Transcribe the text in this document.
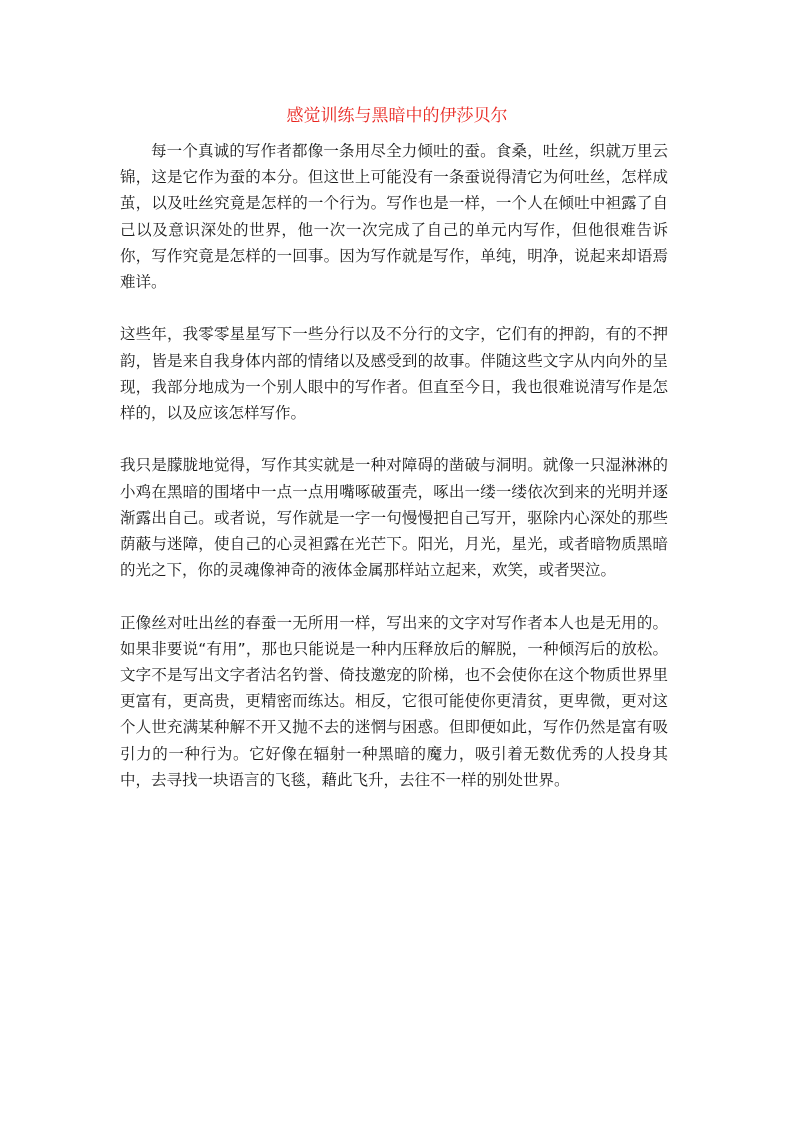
感觉训练与黑暗中的伊莎贝尔

每一个真诚的写作者都像一条用尽全力倾吐的蚕。食桑，吐丝，织就万里云锦，这是它作为蚕的本分。但这世上可能没有一条蚕说得清它为何吐丝，怎样成茧，以及吐丝究竟是怎样的一个行为。写作也是一样，一个人在倾吐中袒露了自己以及意识深处的世界，他一次一次完成了自己的单元内写作，但他很难告诉你，写作究竟是怎样的一回事。因为写作就是写作，单纯，明净，说起来却语焉难详。

这些年，我零零星星写下一些分行以及不分行的文字，它们有的押韵，有的不押韵，皆是来自我身体内部的情绪以及感受到的故事。伴随这些文字从内向外的呈现，我部分地成为一个别人眼中的写作者。但直至今日，我也很难说清写作是怎样的，以及应该怎样写作。

我只是朦胧地觉得，写作其实就是一种对障碍的凿破与洞明。就像一只湿淋淋的小鸡在黑暗的围堵中一点一点用嘴啄破蛋壳，啄出一缕一缕依次到来的光明并逐渐露出自己。或者说，写作就是一字一句慢慢把自己写开，驱除内心深处的那些荫蔽与迷障，使自己的心灵袒露在光芒下。阳光，月光，星光，或者暗物质黑暗的光之下，你的灵魂像神奇的液体金属那样站立起来，欢笑，或者哭泣。

正像丝对吐出丝的春蚕一无所用一样，写出来的文字对写作者本人也是无用的。如果非要说“有用”，那也只能说是一种内压释放后的解脱，一种倾泻后的放松。文字不是写出文字者沽名钓誉、倚技邀宠的阶梯，也不会使你在这个物质世界里更富有，更高贵，更精密而练达。相反，它很可能使你更清贫，更卑微，更对这个人世充满某种解不开又抛不去的迷惘与困惑。但即便如此，写作仍然是富有吸引力的一种行为。它好像在辐射一种黑暗的魔力，吸引着无数优秀的人投身其中，去寻找一块语言的飞毯，藉此飞升，去往不一样的别处世界。
